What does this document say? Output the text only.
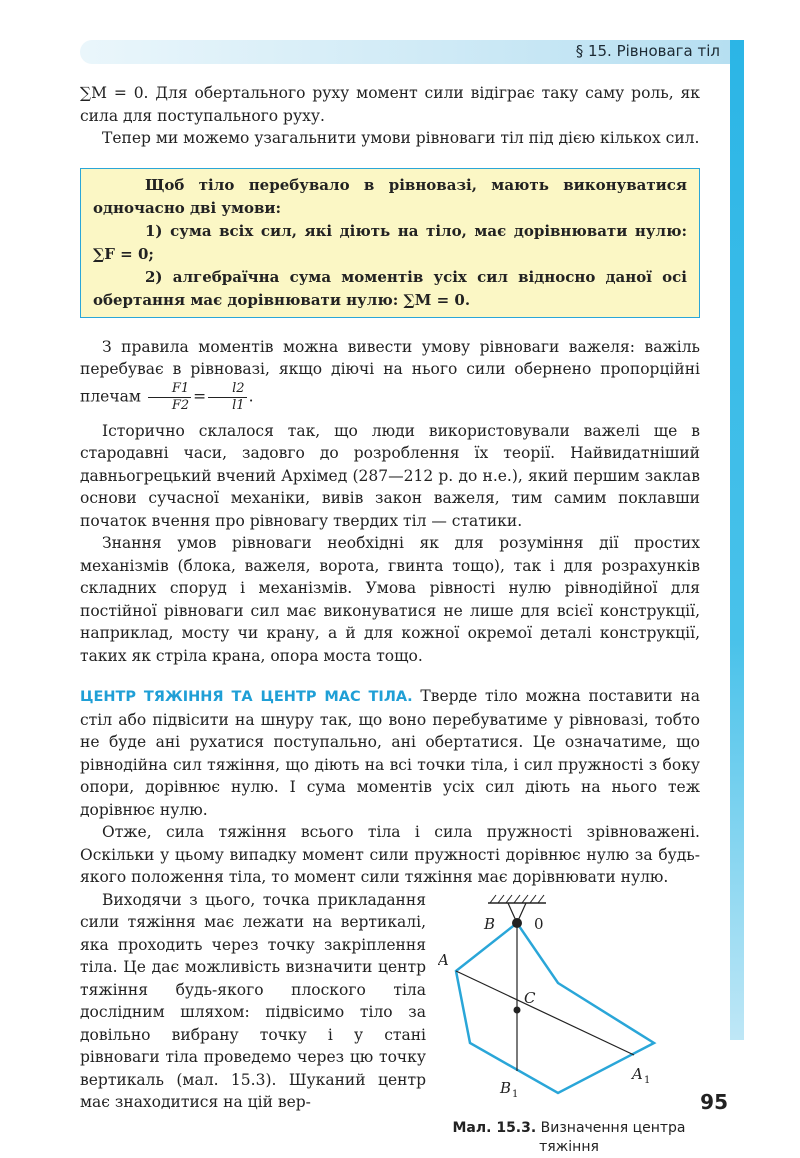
§ 15. Рівновага тіл

∑M = 0. Для обертального руху момент сили відіграє таку саму роль, як сила для поступального руху.

Тепер ми можемо узагальнити умови рівноваги тіл під дією кількох сил.

Щоб тіло перебувало в рівновазі, мають виконуватися одночасно дві умови:

1) сума всіх сил, які діють на тіло, має дорівнювати нулю: ∑F = 0;

2) алгебраїчна сума моментів усіх сил відносно даної осі обертання має дорівнювати нулю: ∑M = 0.

З правила моментів можна вивести умову рівноваги важеля: важіль перебуває в рівновазі, якщо діючі на нього сили обернено пропорційні плечам $\frac{F1}{F2} = \frac{l2}{l1}$ .

Історично склалося так, що люди використовували важелі ще в стародавні часи, задовго до розроблення їх теорії. Найвидатніший давньогрецький вчений Архімед (287—212 р. до н.е.), який першим заклав основи сучасної механіки, вивів закон важеля, тим самим поклавши початок вчення про рівновагу твердих тіл — статики.

Знання умов рівноваги необхідні як для розуміння дії простих механізмів (блока, важеля, ворота, гвинта тощо), так і для розрахунків складних споруд і механізмів. Умова рівності нулю рівнодійної для постійної рівноваги сил має виконуватися не лише для всієї конструкції, наприклад, мосту чи крану, а й для кожної окремої деталі конструкції, таких як стріла крана, опора моста тощо.

ЦЕНТР ТЯЖІННЯ ТА ЦЕНТР МАС ТІЛА. Тверде тіло можна поставити на стіл або підвісити на шнуру так, що воно перебуватиме у рівновазі, тобто не буде ані рухатися поступально, ані обертатися. Це означатиме, що рівнодійна сил тяжіння, що діють на всі точки тіла, і сил пружності з боку опори, дорівнює нулю. І сума моментів усіх сил діють на нього теж дорівнює нулю.

Отже, сила тяжіння всього тіла і сила пружності зрівноважені. Оскільки у цьому випадку момент сили пружності дорівнює нулю за будь-якого положення тіла, то момент сили тяжіння має дорівнювати нулю.

B	0
A
C
B 1
A 1
Мал. 15.3. Визначення центра тяжіння

Виходячи з цього, точка прикладання сили тяжіння має лежати на вертикалі, яка проходить через точку закріплення тіла. Це дає можливість визначити центр тяжіння будь-якого плоского тіла дослідним шляхом: підвісимо тіло за довільно вибрану точку і у стані рівноваги тіла проведемо через цю точку вертикаль (мал. 15.3). Шуканий центр має знаходитися на цій вер-	95
